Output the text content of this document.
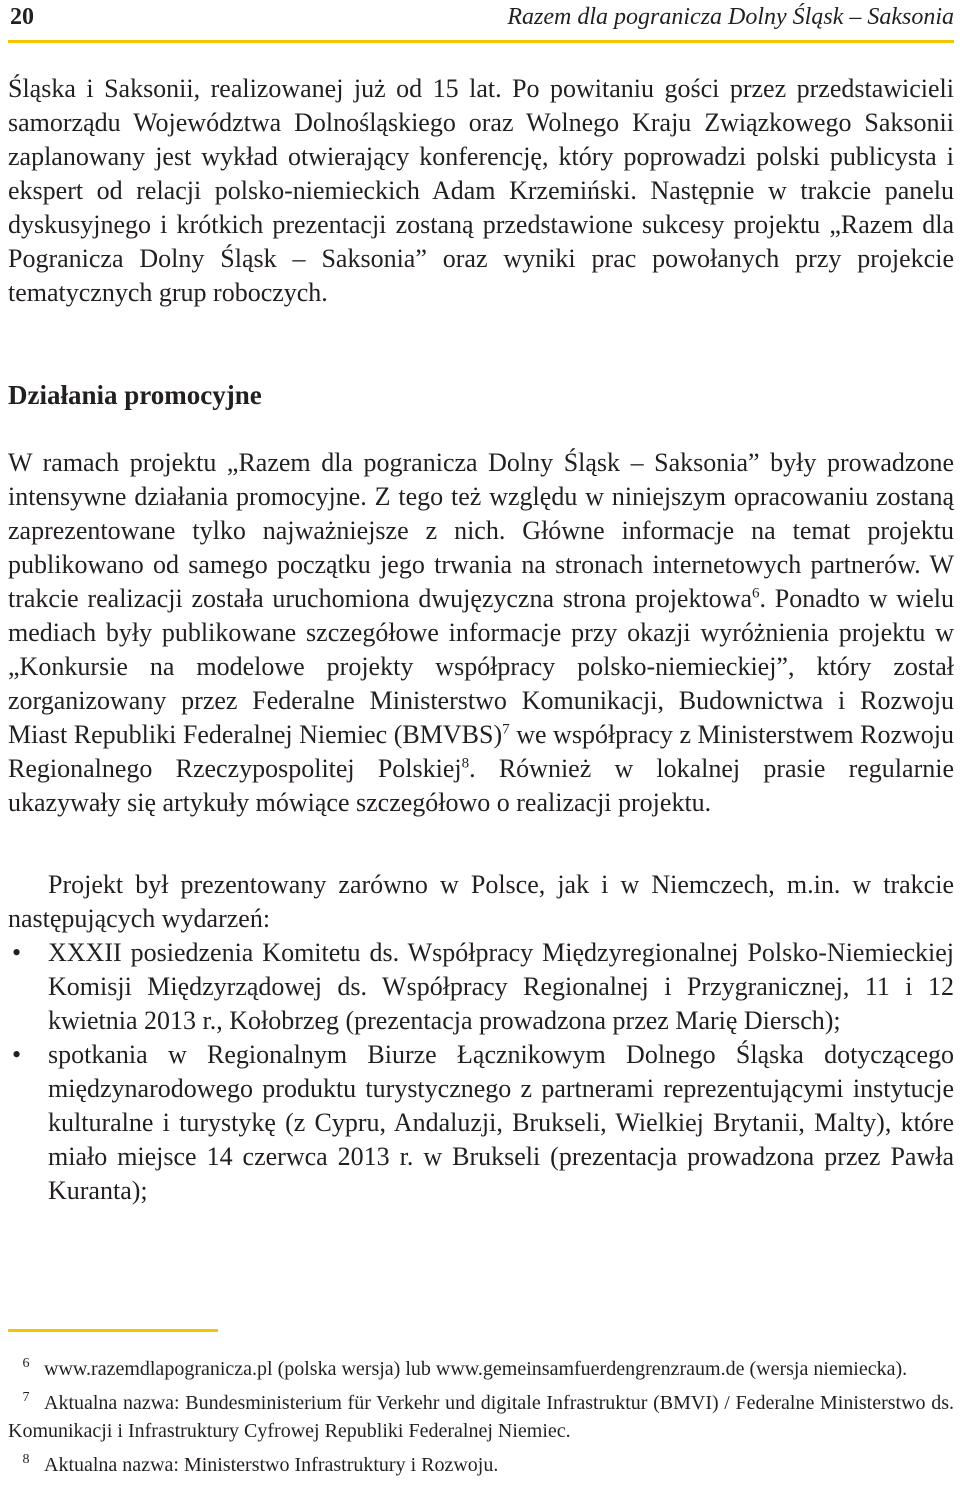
20	Razem dla pogranicza Dolny Śląsk – Saksonia

Śląska i Saksonii, realizowanej już od 15 lat. Po powitaniu gości przez przedstawicieli samorządu Województwa Dolnośląskiego oraz Wolnego Kraju Związkowego Saksonii zaplanowany jest wykład otwierający konferencję, który poprowadzi polski publicysta i ekspert od relacji polsko-niemieckich Adam Krzemiński. Następnie w trakcie panelu dyskusyjnego i krótkich prezentacji zostaną przedstawione sukcesy projektu „Razem dla Pogranicza Dolny Śląsk – Saksonia” oraz wyniki prac powołanych przy projekcie tematycznych grup roboczych.

Działania promocyjne

W ramach projektu „Razem dla pogranicza Dolny Śląsk – Saksonia” były prowadzone intensywne działania promocyjne. Z tego też względu w niniejszym opracowaniu zostaną zaprezentowane tylko najważniejsze z nich. Główne informacje na temat projektu publikowano od samego początku jego trwania na stronach internetowych partnerów. W trakcie realizacji została uruchomiona dwujęzyczna strona projektowa$^6$. Ponadto w wielu mediach były publikowane szczegółowe informacje przy okazji wyróżnienia projektu w „Konkursie na modelowe projekty współpracy polsko-niemieckiej”, który został zorganizowany przez Federalne Ministerstwo Komunikacji, Budownictwa i Rozwoju Miast Republiki Federalnej Niemiec (BMVBS)$^7$ we współpracy z Ministerstwem Rozwoju Regionalnego Rzeczypospolitej Polskiej$^8$. Również w lokalnej prasie regularnie ukazywały się artykuły mówiące szczegółowo o realizacji projektu.

Projekt był prezentowany zarówno w Polsce, jak i w Niemczech, m.in. w trakcie następujących wydarzeń:

• XXXII posiedzenia Komitetu ds. Współpracy Międzyregionalnej Polsko-Niemieckiej Komisji Międzyrządowej ds. Współpracy Regionalnej i Przygranicznej, 11 i 12 kwietnia 2013 r., Kołobrzeg (prezentacja prowadzona przez Marię Diersch);
• spotkania w Regionalnym Biurze Łącznikowym Dolnego Śląska dotyczącego międzynarodowego produktu turystycznego z partnerami reprezentującymi instytucje kulturalne i turystykę (z Cypru, Andaluzji, Brukseli, Wielkiej Brytanii, Malty), które miało miejsce 14 czerwca 2013 r. w Brukseli (prezentacja prowadzona przez Pawła Kuranta);
6 www.razemdlapogranicza.pl (polska wersja) lub www.gemeinsamfuerdengrenzraum.de (wersja niemiecka).
7 Aktualna nazwa: Bundesministerium für Verkehr und digitale Infrastruktur (BMVI) / Federalne Ministerstwo ds. Komunikacji i Infrastruktury Cyfrowej Republiki Federalnej Niemiec.
8 Aktualna nazwa: Ministerstwo Infrastruktury i Rozwoju.
